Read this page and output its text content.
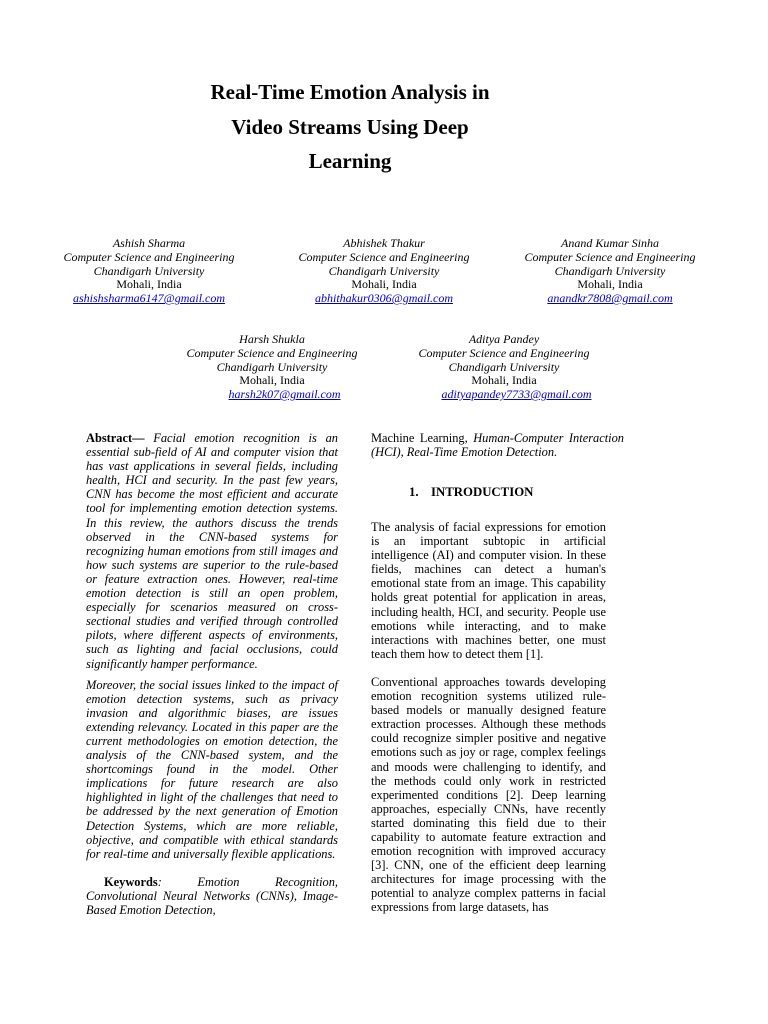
Real-Time Emotion Analysis in
Video Streams Using Deep
Learning
Ashish Sharma
Computer Science and Engineering
Chandigarh University
Mohali, India
ashishsharma6147@gmail.com
Abhishek Thakur
Computer Science and Engineering
Chandigarh University
Mohali, India
abhithakur0306@gmail.com
Anand Kumar Sinha
Computer Science and Engineering
Chandigarh University
Mohali, India
anandkr7808@gmail.com
Harsh Shukla
Computer Science and Engineering
Chandigarh University
Mohali, India
harsh2k07@gmail.com
Aditya Pandey
Computer Science and Engineering
Chandigarh University
Mohali, India
adityapandey7733@gmail.com

Abstract— Facial emotion recognition is an essential sub-field of AI and computer vision that has vast applications in several fields, including health, HCI and security. In the past few years, CNN has become the most efficient and accurate tool for implementing emotion detection systems. In this review, the authors discuss the trends observed in the CNN-based systems for recognizing human emotions from still images and how such systems are superior to the rule-based or feature extraction ones. However, real-time emotion detection is still an open problem, especially for scenarios measured on cross-sectional studies and verified through controlled pilots, where different aspects of environments, such as lighting and facial occlusions, could significantly hamper performance.

Moreover, the social issues linked to the impact of emotion detection systems, such as privacy invasion and algorithmic biases, are issues extending relevancy. Located in this paper are the current methodologies on emotion detection, the analysis of the CNN-based system, and the shortcomings found in the model. Other implications for future research are also highlighted in light of the challenges that need to be addressed by the next generation of Emotion Detection Systems, which are more reliable, objective, and compatible with ethical standards for real-time and universally flexible applications.

Keywords: Emotion Recognition, Convolutional Neural Networks (CNNs), Image-Based Emotion Detection,

Machine Learning, Human-Computer Interaction (HCI), Real-Time Emotion Detection.

1. INTRODUCTION

The analysis of facial expressions for emotion is an important subtopic in artificial intelligence (AI) and computer vision. In these fields, machines can detect a human's emotional state from an image. This capability holds great potential for application in areas, including health, HCI, and security. People use emotions while interacting, and to make interactions with machines better, one must teach them how to detect them [1].

Conventional approaches towards developing emotion recognition systems utilized rule-based models or manually designed feature extraction processes. Although these methods could recognize simpler positive and negative emotions such as joy or rage, complex feelings and moods were challenging to identify, and the methods could only work in restricted experimented conditions [2]. Deep learning approaches, especially CNNs, have recently started dominating this field due to their capability to automate feature extraction and emotion recognition with improved accuracy [3]. CNN, one of the efficient deep learning architectures for image processing with the potential to analyze complex patterns in facial expressions from large datasets, has
